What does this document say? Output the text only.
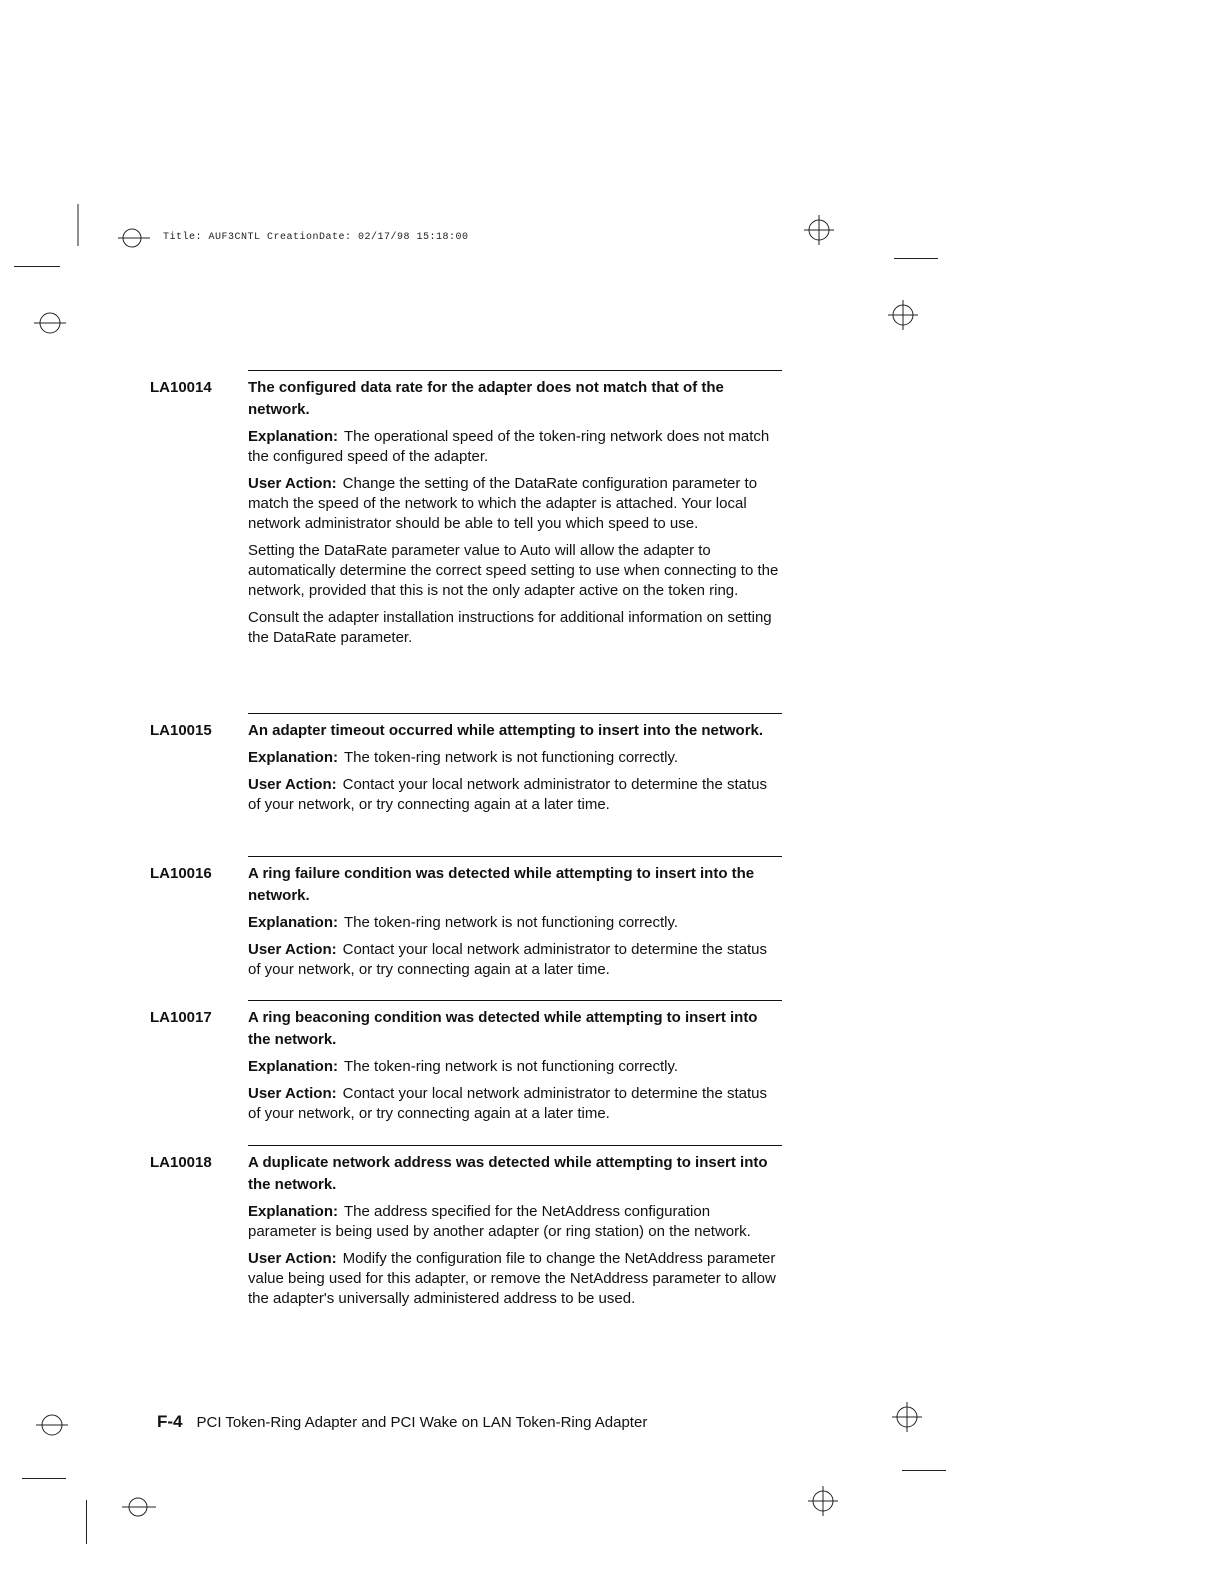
Title: AUF3CNTL CreationDate: 02/17/98 15:18:00
LA10014	The configured data rate for the adapter does not match that of the network.

Explanation: The operational speed of the token-ring network does not match the configured speed of the adapter.

User Action: Change the setting of the DataRate configuration parameter to match the speed of the network to which the adapter is attached. Your local network administrator should be able to tell you which speed to use.

Setting the DataRate parameter value to Auto will allow the adapter to automatically determine the correct speed setting to use when connecting to the network, provided that this is not the only adapter active on the token ring.

Consult the adapter installation instructions for additional information on setting the DataRate parameter.

LA10015	An adapter timeout occurred while attempting to insert into the network.

Explanation: The token-ring network is not functioning correctly.

User Action: Contact your local network administrator to determine the status of your network, or try connecting again at a later time.

LA10016	A ring failure condition was detected while attempting to insert into the network.

Explanation: The token-ring network is not functioning correctly.

User Action: Contact your local network administrator to determine the status of your network, or try connecting again at a later time.

LA10017	A ring beaconing condition was detected while attempting to insert into the network.

Explanation: The token-ring network is not functioning correctly.

User Action: Contact your local network administrator to determine the status of your network, or try connecting again at a later time.

LA10018	A duplicate network address was detected while attempting to insert into the network.

Explanation: The address specified for the NetAddress configuration parameter is being used by another adapter (or ring station) on the network.

User Action: Modify the configuration file to change the NetAddress parameter value being used for this adapter, or remove the NetAddress parameter to allow the adapter's universally administered address to be used.

F-4 PCI Token-Ring Adapter and PCI Wake on LAN Token-Ring Adapter
